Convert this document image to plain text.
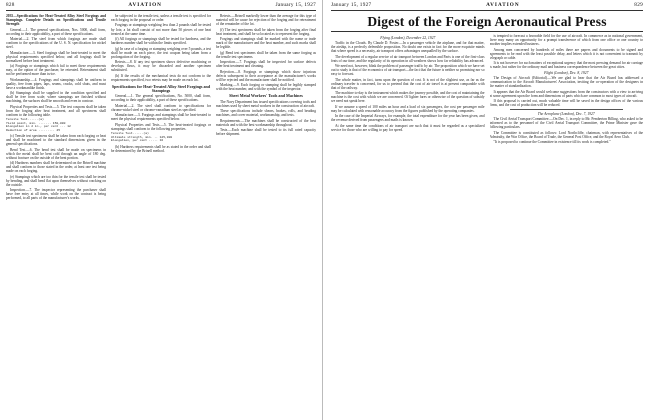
828	AVIATION	January 15, 1927

2035—Specifications for Heat-Treated Alloy Steel Forgings and Stampings. Complete Details on Specifications and Tensile Strength

General.—1. The general specifications, Nos. 5000, shall form, according to their applicability, a part of these specifications.

Material.—2. The steel from which forgings are made shall conform to the specifications of the U. S. N. specification for nickel steel.

Manufacture.—3. Steel forgings shall be heat-treated to meet the physical requirements specified below, and all forgings shall be normalized before heat treatment.

(a) Forgings or stampings which fail to meet these requirements may, at the option of the purchaser, be retreated. Retreatment shall not be performed more than twice.

Workmanship.—4. Forgings and stampings shall be uniform in quality, free from pipes, laps, seams, cracks, cold shuts, and must have a workmanlike finish.

(b) Stampings shall be supplied in the condition specified and shall be free from scale; where stampings are finished without machining, the surfaces shall be smooth and even in contour.

Physical Properties and Tests.—5. The test coupons shall be taken from the forging after heat treatment, and all specimens shall conform to the following table.

Tensile Test......(a)
Yield point, min. ....... 150,000
Elongation in 2 in., per cent ... 12
Reduction of area ......... 45

(c) Tensile test specimens shall be taken from each forging or heat and shall be machined to the standard dimensions given in the general specifications.

Bend Test.—6. The bend test shall be made on specimens in which the metal shall be bent cold through an angle of 180 deg. without fracture on the outside of the bent portion.

(d) Hardness numbers shall be determined on the Brinell machine and shall conform to those stated in the order, at least one test being made on each forging.

(e) Stampings which are too thin for the tensile test shall be tested by bending, and shall bend flat upon themselves without cracking on the outside.

Inspection.—7. The inspector representing the purchaser shall have free entry at all times, while work on the contract is being performed, to all parts of the manufacturer's works.

be subjected to the tensile test, unless a tensile test is specified for each forging in the proposal or order.

Forgings or stampings weighing less than 2 pounds shall be tested by lots; a lot shall consist of not more than 50 pieces of one heat treated at the same time.

(f) All forgings or stampings shall be tested for hardness, and the hardness number shall be within the limits specified.

(g) In case of a forging or stamping weighing over 5 pounds, a test shall be made on each piece, the test coupon being taken from a prolongation of the forging.

Retests.—8. If any test specimen shows defective machining or develops flaws, it may be discarded and another specimen substituted.

(h) If the results of the mechanical tests do not conform to the requirements specified, two retests may be made on each lot.

Specifications for Heat-Treated Alloy Steel Forgings and Stampings

General.—1. The general specifications, No. 5000, shall form, according to their applicability, a part of these specifications.

Material.—2. The steel shall conform to specifications for chrome-nickel steel or chrome-vanadium steel as specified.

Manufacture.—3. Forgings and stampings shall be heat-treated to meet the physical requirements specified below.

Physical Properties and Tests.—5. The heat-treated forgings or stampings shall conform to the following properties.

Tensile Test......(a)
Ultimate strength, min. .. 125,000
Elongation, per cent ..... 16

(b) Hardness requirements shall be as stated in the order and shall be determined by the Brinell method.

Retests.—Brinell markedly lower than the average for this type of material will be cause for rejection of the forging and for retreatment of the remainder of the lot.

(f) The test specimens shall be taken from the forging after final heat treatment, and shall be so located as to represent the forging.

Forgings and stampings shall be marked with the name or trade mark of the manufacturer and the heat number, and such marks shall be legible.

(g) Bend test specimens shall be taken from the same forging as the tensile test specimens.

Inspection.—7. Forgings shall be inspected for surface defects after heat treatment and cleaning.

Rejection.—8. Forgings or stampings which show injurious defects subsequent to their acceptance at the manufacturer's works will be rejected and the manufacturer shall be notified.

Marking.—9. Each forging or stamping shall be legibly stamped with the heat number, and with the symbol of the inspector.

Sheet Metal Workers' Tools and Machines

The Navy Department has issued specifications covering tools and machines used by sheet metal workers in the construction of aircraft.

These specifications include shears, brakes, rolls, and beading machines, and cover material, workmanship, and tests.

Requirements.—The machines shall be constructed of the best materials and with the best workmanship throughout.

Tests.—Each machine shall be tested to its full rated capacity before shipment.

January 15, 1927	AVIATION	829
Digest of the Foreign Aeronautical Press

Flying (London), December 22, 1927

Traffic in the Clouds. By Claude D. Foster.—In a passenger vehicle the airplane, and for that matter, the airship, is a perfectly defensible proposition. No doubt one exists in fact for the more exquisite minds that where speed is a necessity, air transport offers advantages unequalled by the surface.

The development of a regular service of air transport between London and Paris is one of the first-class feats of our time, and the regularity of its operation in all weathers shows how far reliability has advanced.

We need not, however, blink the problem of passenger traffic by air. The proposition which we have set out to study is that of the economics of air transport—the fact that the future is neither so promising nor so easy to forecast.

The whole matter, in fact, turns upon the question of cost. It is not of the slightest use, as far as the ordinary traveler is concerned, for us to pretend that the cost of air travel is at present comparable with that of the railway.

The machine to-day is the instrument which makes the journey possible, and the cost of maintaining the machine is the cost with which we are concerned. Of lighter fares or otherwise of the question of subsidy we need not speak here.

If we assume a speed of 100 miles an hour and a load of six passengers, the cost per passenger mile may be calculated with reasonable accuracy from the figures published by the operating companies.

In the case of the Imperial Airways, for example, the total expenditure for the year has been given, and the revenue derived from passengers and mails is known.

At the same time the conditions of air transport are such that it must be regarded as a specialized service for those who are willing to pay for speed.

is tempted to forecast a favorable field for the use of aircraft. In commerce as in national government, there may many an opportunity for a prompt transference of which from one office or one country to another implies extended business.

Among men concerned by hundreds of miles there are papers and documents to be signed and agreements to be read with the least possible delay, and letters which it is not convenient to transmit by telegraph or cable.

It is not however for such matters of exceptional urgency that the most pressing demand for air carriage is made, but rather for the ordinary mail and business correspondence between the great cities.

Flight (London), Dec. 8, 1927

The Design of Aircraft (Editorial).—We are glad to hear that the Air Board has addressed a communication to the Aircraft Manufacturers' Association, inviting the co-operation of the designers in the matter of standardization.

It appears that the Air Board would welcome suggestions from the constructors with a view to arriving at some agreement upon the form and dimensions of parts which are common to most types of aircraft.

If this proposal is carried out, much valuable time will be saved in the design offices of the various firms, and the cost of production will be reduced.

The Aeroplane (London), Dec. 7, 1927

The Civil Aerial Transport Committee.—On Dec. 1, in reply to Mr. Pemberton Billing, who asked to be informed as to the personnel of the Civil Aerial Transport Committee, the Prime Minister gave the following particulars.

The Committee is constituted as follows: Lord Northcliffe, chairman, with representatives of the Admiralty, the War Office, the Board of Trade, the General Post Office, and the Royal Aero Club.

"It is proposed to continue the Committee in existence till its work is completed."
